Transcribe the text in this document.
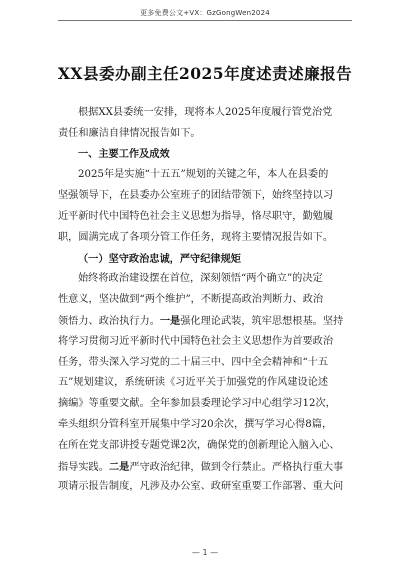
更多免费公文+VX：GzGongWen2024
XX县委办副主任2025年度述责述廉报告
根据XX县委统一安排，现将本人2025年度履行管党治党
责任和廉洁自律情况报告如下。
一、主要工作及成效
2025年是实施“十五五”规划的关键之年，本人在县委的
坚强领导下，在县委办公室班子的团结带领下，始终坚持以习
近平新时代中国特色社会主义思想为指导，恪尽职守，勤勉履
职，圆满完成了各项分管工作任务，现将主要情况报告如下。
（一）坚守政治忠诚，严守纪律规矩
始终将政治建设摆在首位，深刻领悟“两个确立”的决定
性意义，坚决做到“两个维护”，不断提高政治判断力、政治
领悟力、政治执行力。一是强化理论武装，筑牢思想根基。坚持
将学习贯彻习近平新时代中国特色社会主义思想作为首要政治
任务，带头深入学习党的二十届三中、四中全会精神和“十五
五”规划建议，系统研读《习近平关于加强党的作风建设论述
摘编》等重要文献。全年参加县委理论学习中心组学习12次，
牵头组织分管科室开展集中学习20余次，撰写学习心得8篇，
在所在党支部讲授专题党课2次，确保党的创新理论入脑入心、
指导实践。二是严守政治纪律，做到令行禁止。严格执行重大事
项请示报告制度，凡涉及办公室、政研室重要工作部署、重大问
— 1 —
